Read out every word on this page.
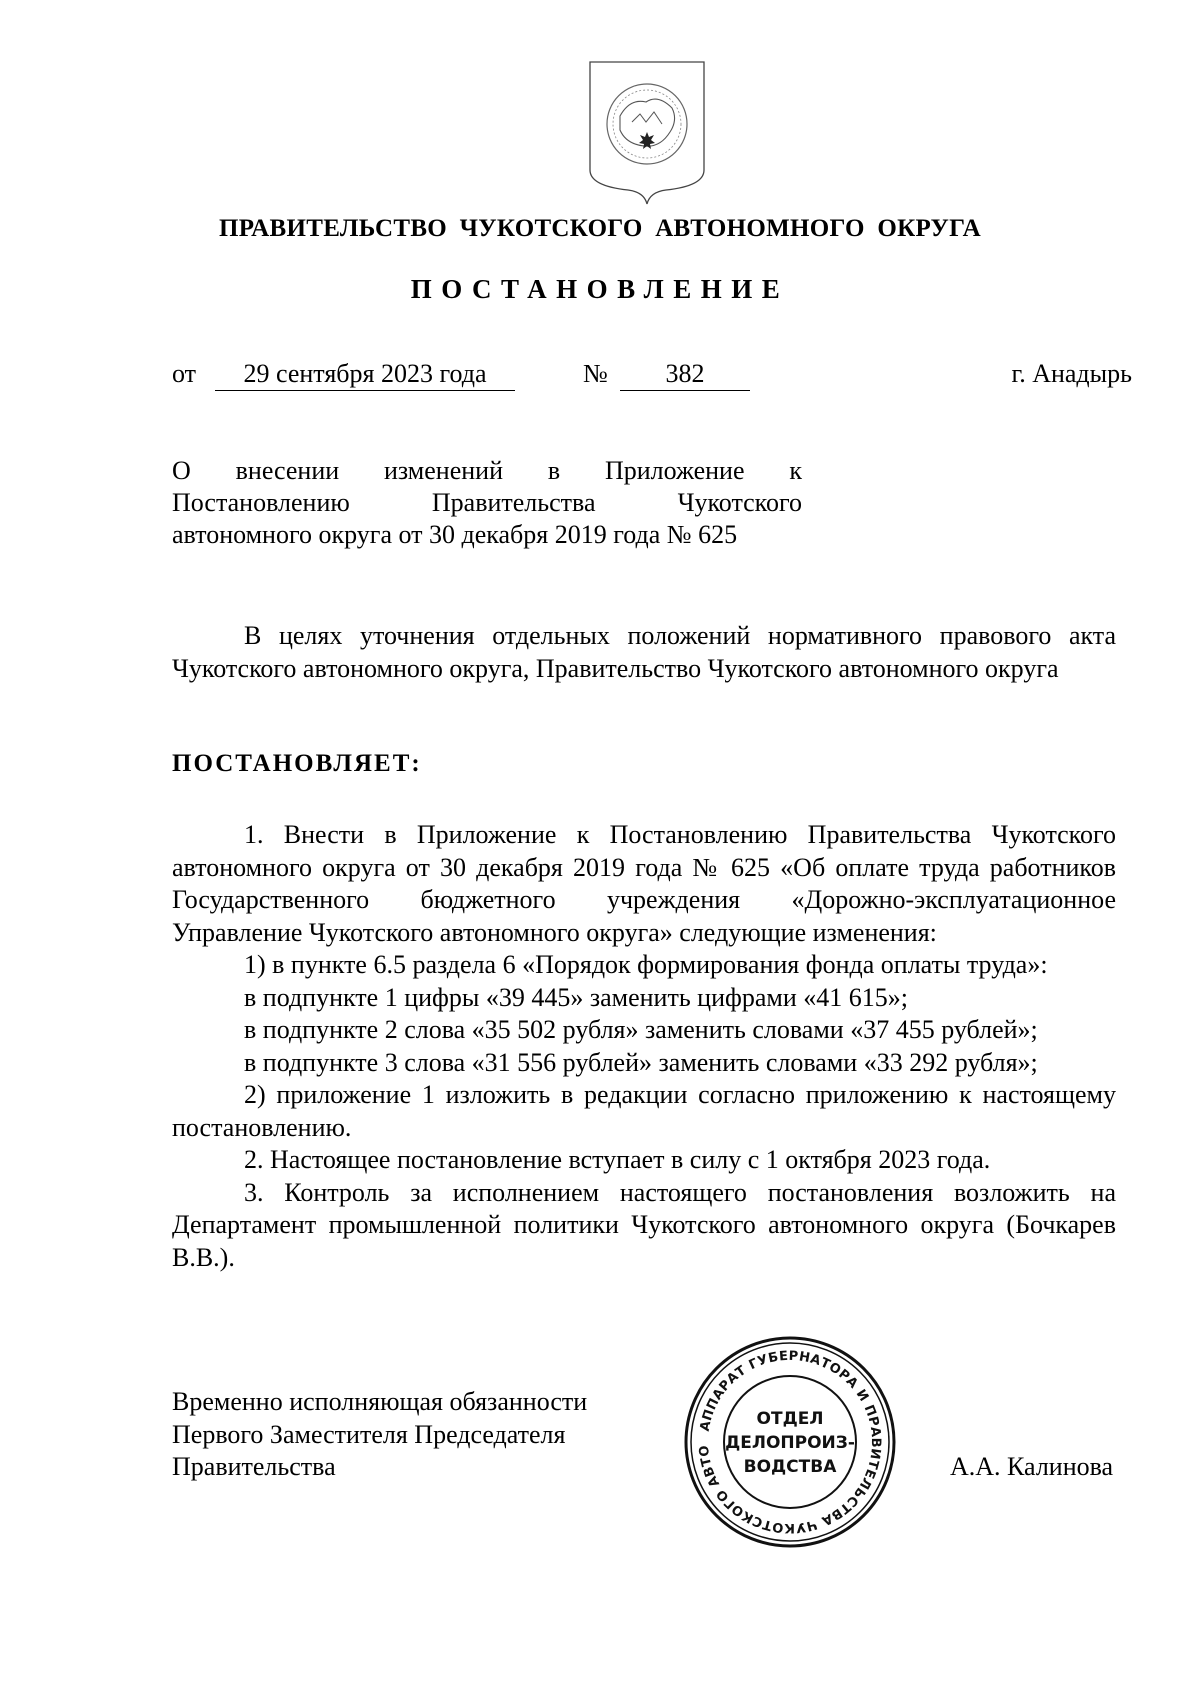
ПРАВИТЕЛЬСТВО ЧУКОТСКОГО АВТОНОМНОГО ОКРУГА
ПОСТАНОВЛЕНИЕ
от	29 сентября 2023 года	№	382	г. Анадырь
О внесении изменений в Приложение к
Постановлению Правительства Чукотского
автономного округа от 30 декабря 2019 года № 625

В целях уточнения отдельных положений нормативного правового акта Чукотского автономного округа, Правительство Чукотского автономного округа

ПОСТАНОВЛЯЕТ:

1. Внести в Приложение к Постановлению Правительства Чукотского автономного округа от 30 декабря 2019 года № 625 «Об оплате труда работников Государственного бюджетного учреждения «Дорожно-эксплуатационное Управление Чукотского автономного округа» следующие изменения:

1) в пункте 6.5 раздела 6 «Порядок формирования фонда оплаты труда»:

в подпункте 1 цифры «39 445» заменить цифрами «41 615»;

в подпункте 2 слова «35 502 рубля» заменить словами «37 455 рублей»;

в подпункте 3 слова «31 556 рублей» заменить словами «33 292 рубля»;

2) приложение 1 изложить в редакции согласно приложению к настоящему постановлению.

2. Настоящее постановление вступает в силу с 1 октября 2023 года.

3. Контроль за исполнением настоящего постановления возложить на Департамент промышленной политики Чукотского автономного округа (Бочкарев В.В.).

Временно исполняющая обязанности
Первого Заместителя Председателя
Правительства	А.А. Калинова
АППАРАТ ГУБЕРНАТОРА И ПРАВИТЕЛЬСТВА ЧУКОТСКОГО АВТО
ОТДЕЛ
ДЕЛОПРОИЗ-
ВОДСТВА
